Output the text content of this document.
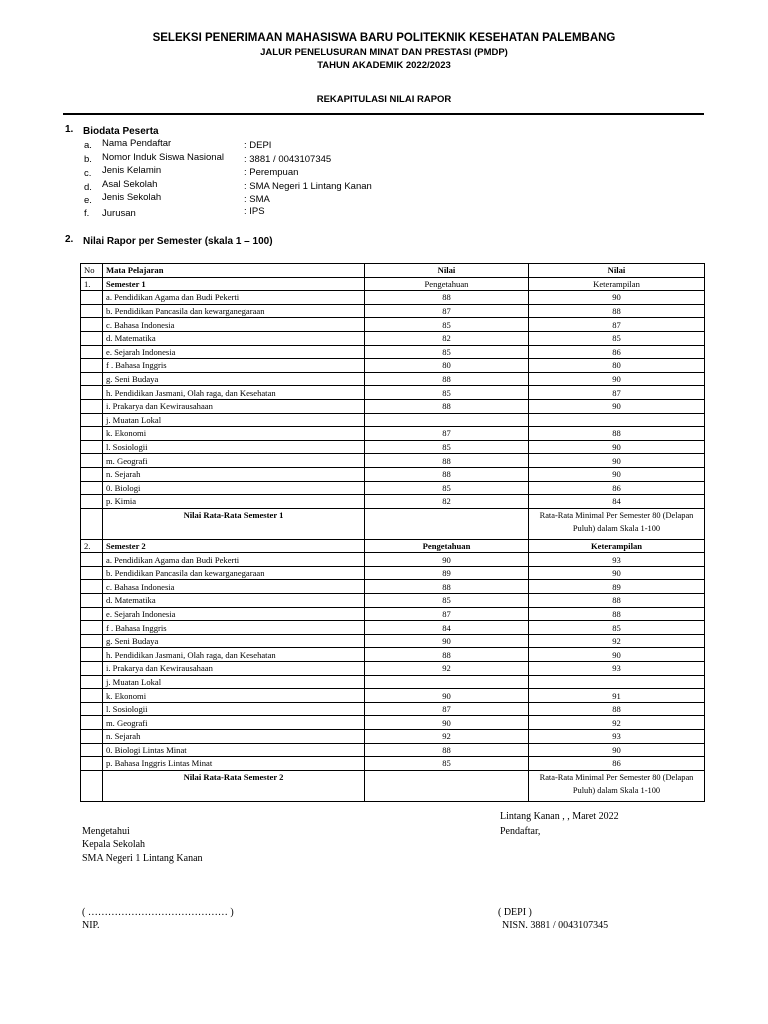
SELEKSI PENERIMAAN MAHASISWA BARU POLITEKNIK KESEHATAN PALEMBANG
JALUR PENELUSURAN MINAT DAN PRESTASI (PMDP)
TAHUN AKADEMIK 2022/2023
REKAPITULASI NILAI RAPOR
1. Biodata Peserta
a. Nama Pendaftar	: DEPI
b. Nomor Induk Siswa Nasional : 3881 / 0043107345
c. Jenis Kelamin	: Perempuan
d. Asal Sekolah	: SMA Negeri 1 Lintang Kanan
e. Jenis Sekolah	: SMA
f. Jurusan	: IPS
2. Nilai Rapor per Semester (skala 1 – 100)
No	Mata Pelajaran	Nilai	Nilai
1.	Semester 1	Pengetahuan	Keterampilan
	a. Pendidikan Agama dan Budi Pekerti	88	90
	b. Pendidikan Pancasila dan kewarganegaraan	87	88
	c. Bahasa Indonesia	85	87
	d. Matematika	82	85
	e. Sejarah Indonesia	85	86
	f . Bahasa Inggris	80	80
	g. Seni Budaya	88	90
	h. Pendidikan Jasmani, Olah raga, dan Kesehatan	85	87
	i. Prakarya dan Kewirausahaan	88	90
	j. Muatan Lokal		
	k. Ekonomi	87	88
	l. Sosiologii	85	90
	m. Geografi	88	90
	n. Sejarah	88	90
	0. Biologi	85	86
	p. Kimia	82	84
	Nilai Rata-Rata Semester 1		Rata-Rata Minimal Per Semester 80 (Delapan Puluh) dalam Skala 1-100
2.	Semester 2	Pengetahuan	Keterampilan
	a. Pendidikan Agama dan Budi Pekerti	90	93
	b. Pendidikan Pancasila dan kewarganegaraan	89	90
	c. Bahasa Indonesia	88	89
	d. Matematika	85	88
	e. Sejarah Indonesia	87	88
	f . Bahasa Inggris	84	85
	g. Seni Budaya	90	92
	h. Pendidikan Jasmani, Olah raga, dan Kesehatan	88	90
	i. Prakarya dan Kewirausahaan	92	93
	j. Muatan Lokal		
	k. Ekonomi	90	91
	l. Sosiologii	87	88
	m. Geografi	90	92
	n. Sejarah	92	93
	0. Biologi Lintas Minat	88	90
	p. Bahasa Inggris Lintas Minat	85	86
	Nilai Rata-Rata Semester 2		Rata-Rata Minimal Per Semester 80 (Delapan Puluh) dalam Skala 1-100
Lintang Kanan , , Maret 2022
Pendaftar,
Mengetahui
Kepala Sekolah
SMA Negeri 1 Lintang Kanan
( …………………………………… )
NIP.
( DEPI )
NISN. 3881 / 0043107345
